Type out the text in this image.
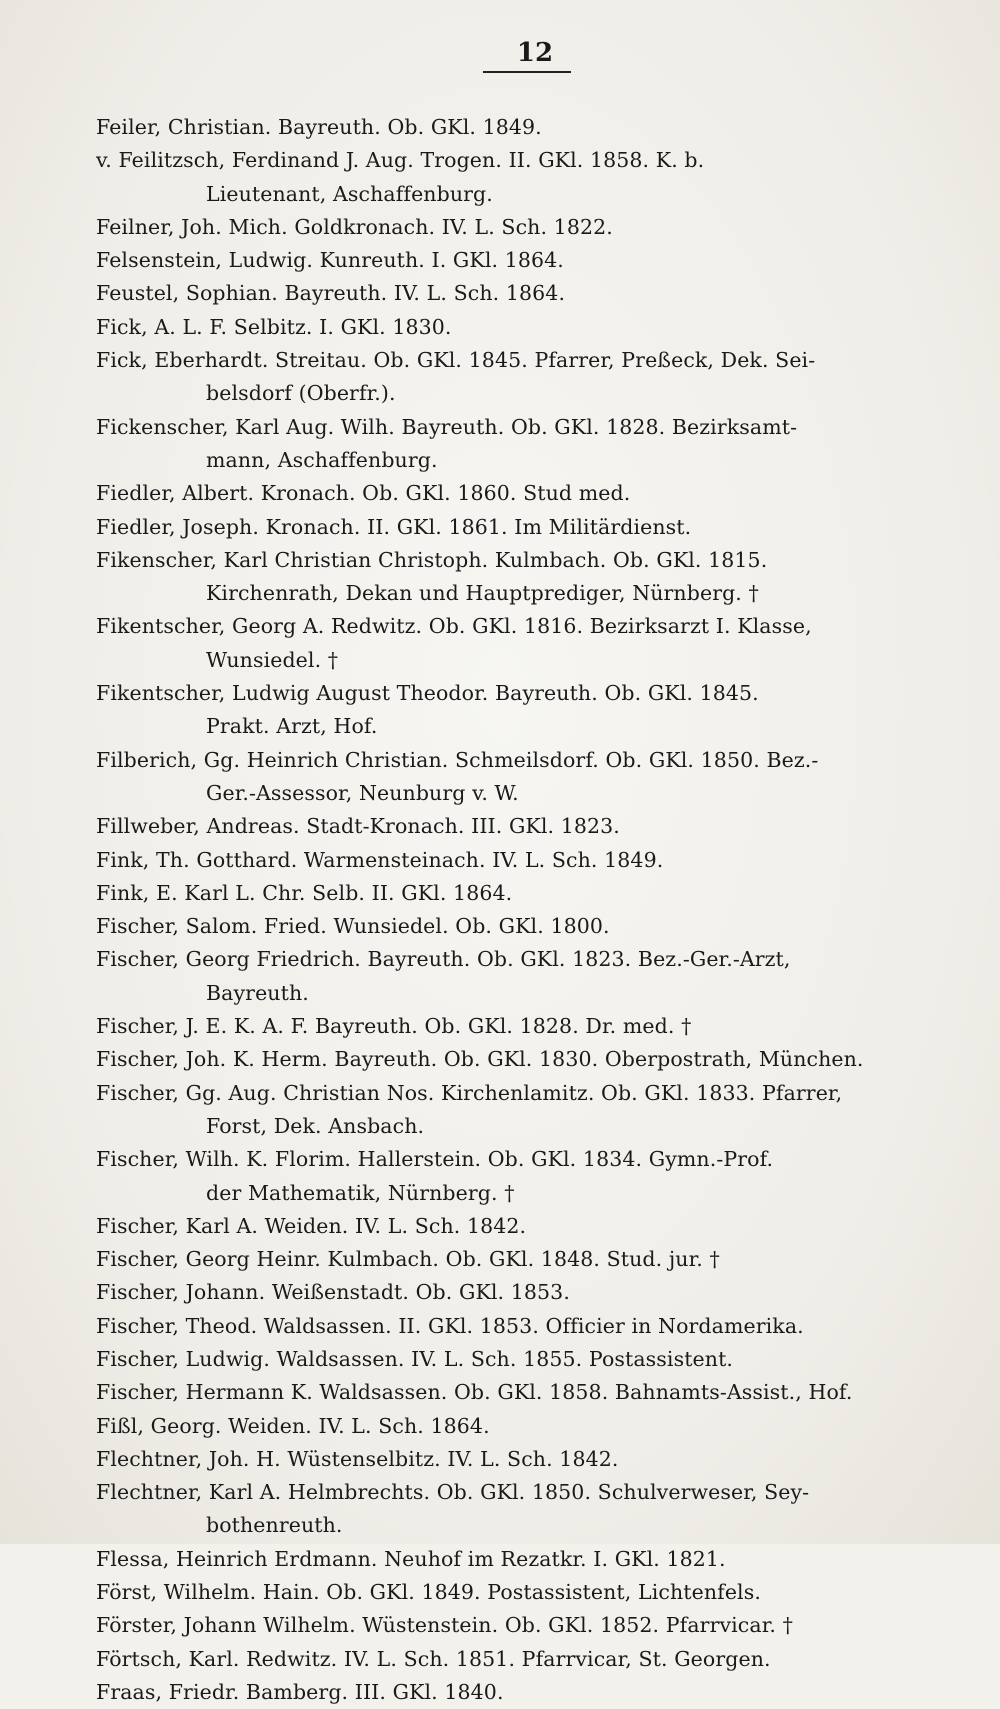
12
Feiler, Christian. Bayreuth. Ob. GKl. 1849.
v. Feilitzsch, Ferdinand J. Aug. Trogen. II. GKl. 1858. K. b.
Lieutenant, Aschaffenburg.
Feilner, Joh. Mich. Goldkronach. IV. L. Sch. 1822.
Felsenstein, Ludwig. Kunreuth. I. GKl. 1864.
Feustel, Sophian. Bayreuth. IV. L. Sch. 1864.
Fick, A. L. F. Selbitz. I. GKl. 1830.
Fick, Eberhardt. Streitau. Ob. GKl. 1845. Pfarrer, Preßeck, Dek. Sei-
belsdorf (Oberfr.).
Fickenscher, Karl Aug. Wilh. Bayreuth. Ob. GKl. 1828. Bezirksamt-
mann, Aschaffenburg.
Fiedler, Albert. Kronach. Ob. GKl. 1860. Stud med.
Fiedler, Joseph. Kronach. II. GKl. 1861. Im Militärdienst.
Fikenscher, Karl Christian Christoph. Kulmbach. Ob. GKl. 1815.
Kirchenrath, Dekan und Hauptprediger, Nürnberg. †
Fikentscher, Georg A. Redwitz. Ob. GKl. 1816. Bezirksarzt I. Klasse,
Wunsiedel. †
Fikentscher, Ludwig August Theodor. Bayreuth. Ob. GKl. 1845.
Prakt. Arzt, Hof.
Filberich, Gg. Heinrich Christian. Schmeilsdorf. Ob. GKl. 1850. Bez.-
Ger.-Assessor, Neunburg v. W.
Fillweber, Andreas. Stadt-Kronach. III. GKl. 1823.
Fink, Th. Gotthard. Warmensteinach. IV. L. Sch. 1849.
Fink, E. Karl L. Chr. Selb. II. GKl. 1864.
Fischer, Salom. Fried. Wunsiedel. Ob. GKl. 1800.
Fischer, Georg Friedrich. Bayreuth. Ob. GKl. 1823. Bez.-Ger.-Arzt,
Bayreuth.
Fischer, J. E. K. A. F. Bayreuth. Ob. GKl. 1828. Dr. med. †
Fischer, Joh. K. Herm. Bayreuth. Ob. GKl. 1830. Oberpostrath, München.
Fischer, Gg. Aug. Christian Nos. Kirchenlamitz. Ob. GKl. 1833. Pfarrer,
Forst, Dek. Ansbach.
Fischer, Wilh. K. Florim. Hallerstein. Ob. GKl. 1834. Gymn.-Prof.
der Mathematik, Nürnberg. †
Fischer, Karl A. Weiden. IV. L. Sch. 1842.
Fischer, Georg Heinr. Kulmbach. Ob. GKl. 1848. Stud. jur. †
Fischer, Johann. Weißenstadt. Ob. GKl. 1853.
Fischer, Theod. Waldsassen. II. GKl. 1853. Officier in Nordamerika.
Fischer, Ludwig. Waldsassen. IV. L. Sch. 1855. Postassistent.
Fischer, Hermann K. Waldsassen. Ob. GKl. 1858. Bahnamts-Assist., Hof.
Fißl, Georg. Weiden. IV. L. Sch. 1864.
Flechtner, Joh. H. Wüstenselbitz. IV. L. Sch. 1842.
Flechtner, Karl A. Helmbrechts. Ob. GKl. 1850. Schulverweser, Sey-
bothenreuth.
Flessa, Heinrich Erdmann. Neuhof im Rezatkr. I. GKl. 1821.
Först, Wilhelm. Hain. Ob. GKl. 1849. Postassistent, Lichtenfels.
Förster, Johann Wilhelm. Wüstenstein. Ob. GKl. 1852. Pfarrvicar. †
Förtsch, Karl. Redwitz. IV. L. Sch. 1851. Pfarrvicar, St. Georgen.
Fraas, Friedr. Bamberg. III. GKl. 1840.
